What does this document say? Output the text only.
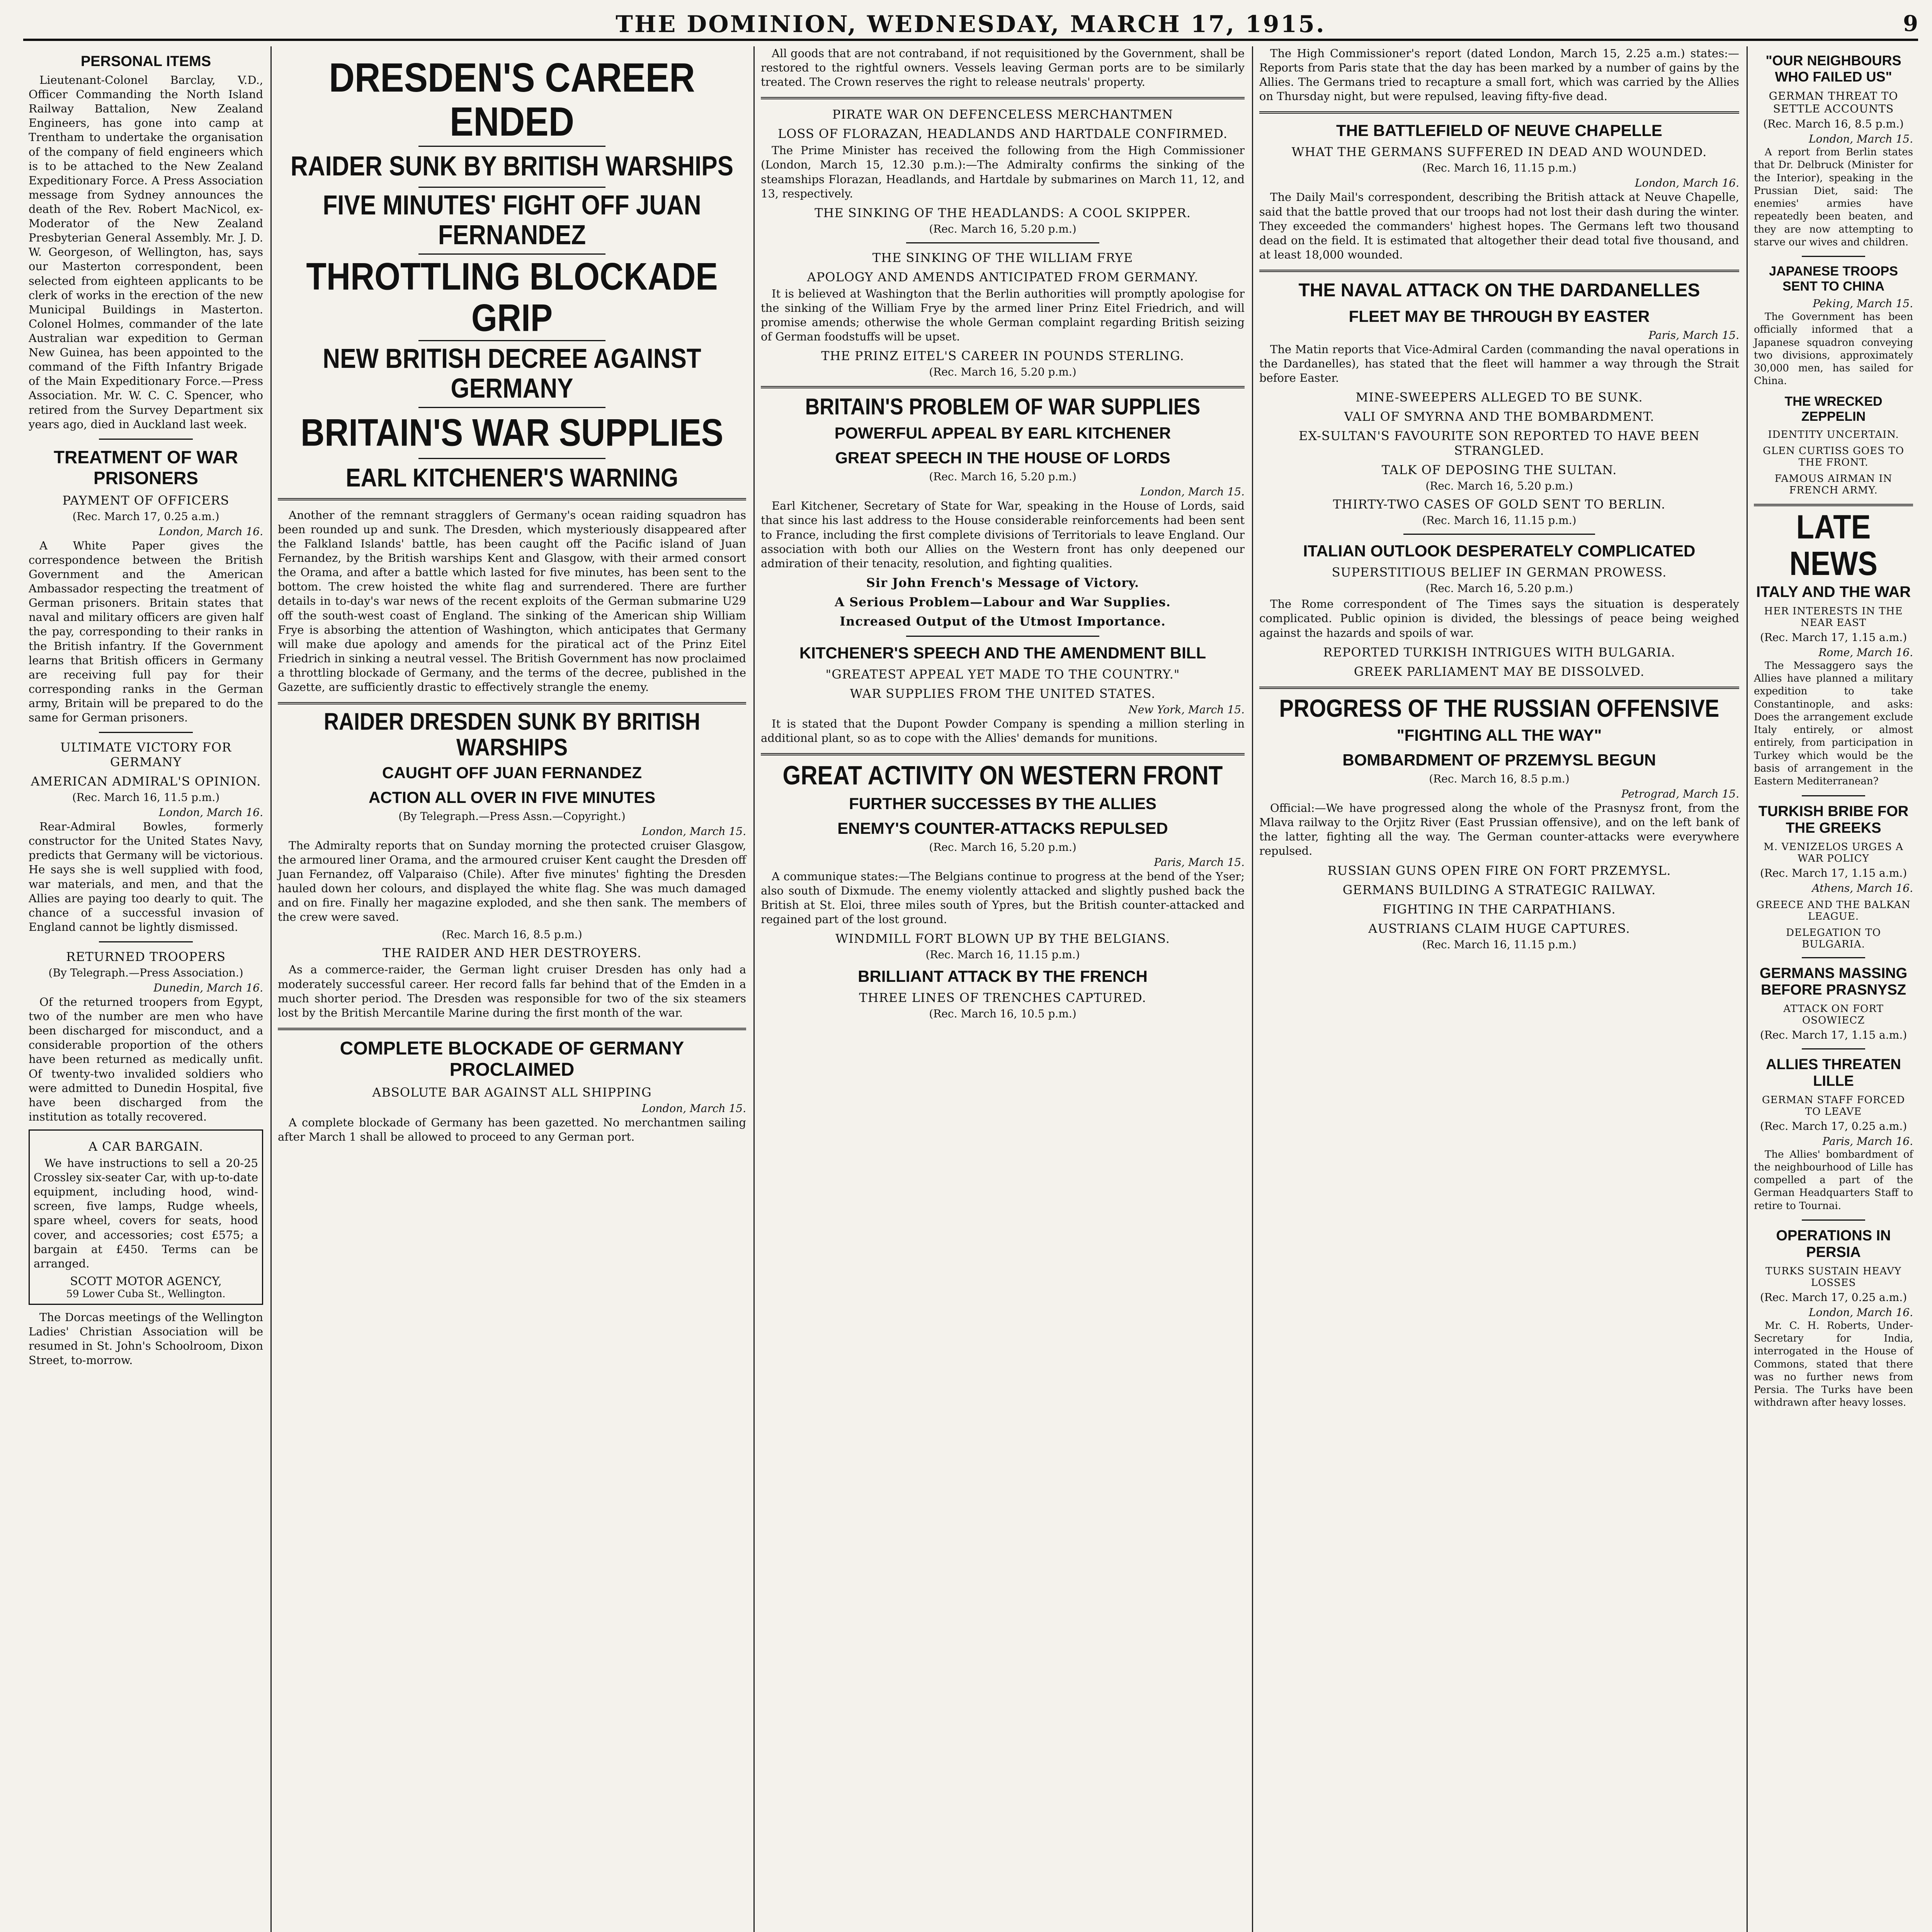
THE DOMINION, WEDNESDAY, MARCH 17, 1915.	9
PERSONAL ITEMS

Lieutenant-Colonel Barclay, V.D., Officer Commanding the North Island Railway Battalion, New Zealand Engineers, has gone into camp at Trentham to undertake the organisation of the company of field engineers which is to be attached to the New Zealand Expeditionary Force. A Press Association message from Sydney announces the death of the Rev. Robert MacNicol, ex-Moderator of the New Zealand Presbyterian General Assembly. Mr. J. D. W. Georgeson, of Wellington, has, says our Masterton correspondent, been selected from eighteen applicants to be clerk of works in the erection of the new Municipal Buildings in Masterton. Colonel Holmes, commander of the late Australian war expedition to German New Guinea, has been appointed to the command of the Fifth Infantry Brigade of the Main Expeditionary Force.—Press Association. Mr. W. C. C. Spencer, who retired from the Survey Department six years ago, died in Auckland last week.

TREATMENT OF WAR PRISONERS
PAYMENT OF OFFICERS
(Rec. March 17, 0.25 a.m.)
London, March 16.

A White Paper gives the correspondence between the British Government and the American Ambassador respecting the treatment of German prisoners. Britain states that naval and military officers are given half the pay, corresponding to their ranks in the British infantry. If the Government learns that British officers in Germany are receiving full pay for their corresponding ranks in the German army, Britain will be prepared to do the same for German prisoners.

ULTIMATE VICTORY FOR GERMANY
AMERICAN ADMIRAL'S OPINION.
(Rec. March 16, 11.5 p.m.)
London, March 16.

Rear-Admiral Bowles, formerly constructor for the United States Navy, predicts that Germany will be victorious. He says she is well supplied with food, war materials, and men, and that the Allies are paying too dearly to quit. The chance of a successful invasion of England cannot be lightly dismissed.

RETURNED TROOPERS
(By Telegraph.—Press Association.)
Dunedin, March 16.

Of the returned troopers from Egypt, two of the number are men who have been discharged for misconduct, and a considerable proportion of the others have been returned as medically unfit. Of twenty-two invalided soldiers who were admitted to Dunedin Hospital, five have been discharged from the institution as totally recovered.

A CAR BARGAIN.

We have instructions to sell a 20-25 Crossley six-seater Car, with up-to-date equipment, including hood, wind-screen, five lamps, Rudge wheels, spare wheel, covers for seats, hood cover, and accessories; cost £575; a bargain at £450. Terms can be arranged.

SCOTT MOTOR AGENCY,
59 Lower Cuba St., Wellington.

The Dorcas meetings of the Wellington Ladies' Christian Association will be resumed in St. John's Schoolroom, Dixon Street, to-morrow.

DRESDEN'S CAREER ENDED
RAIDER SUNK BY BRITISH WARSHIPS
FIVE MINUTES' FIGHT OFF JUAN FERNANDEZ
THROTTLING BLOCKADE GRIP
NEW BRITISH DECREE AGAINST GERMANY
BRITAIN'S WAR SUPPLIES
EARL KITCHENER'S WARNING

Another of the remnant stragglers of Germany's ocean raiding squadron has been rounded up and sunk. The Dresden, which mysteriously disappeared after the Falkland Islands' battle, has been caught off the Pacific island of Juan Fernandez, by the British warships Kent and Glasgow, with their armed consort the Orama, and after a battle which lasted for five minutes, has been sent to the bottom. The crew hoisted the white flag and surrendered. There are further details in to-day's war news of the recent exploits of the German submarine U29 off the south-west coast of England. The sinking of the American ship William Frye is absorbing the attention of Washington, which anticipates that Germany will make due apology and amends for the piratical act of the Prinz Eitel Friedrich in sinking a neutral vessel. The British Government has now proclaimed a throttling blockade of Germany, and the terms of the decree, published in the Gazette, are sufficiently drastic to effectively strangle the enemy.

RAIDER DRESDEN SUNK BY BRITISH WARSHIPS
CAUGHT OFF JUAN FERNANDEZ
ACTION ALL OVER IN FIVE MINUTES
(By Telegraph.—Press Assn.—Copyright.)
London, March 15.

The Admiralty reports that on Sunday morning the protected cruiser Glasgow, the armoured liner Orama, and the armoured cruiser Kent caught the Dresden off Juan Fernandez, off Valparaiso (Chile). After five minutes' fighting the Dresden hauled down her colours, and displayed the white flag. She was much damaged and on fire. Finally her magazine exploded, and she then sank. The members of the crew were saved.

(Rec. March 16, 8.5 p.m.)
THE RAIDER AND HER DESTROYERS.

As a commerce-raider, the German light cruiser Dresden has only had a moderately successful career. Her record falls far behind that of the Emden in a much shorter period. The Dresden was responsible for two of the six steamers lost by the British Mercantile Marine during the first month of the war.

COMPLETE BLOCKADE OF GERMANY PROCLAIMED
ABSOLUTE BAR AGAINST ALL SHIPPING
London, March 15.

A complete blockade of Germany has been gazetted. No merchantmen sailing after March 1 shall be allowed to proceed to any German port.

All goods that are not contraband, if not requisitioned by the Government, shall be restored to the rightful owners. Vessels leaving German ports are to be similarly treated. The Crown reserves the right to release neutrals' property.

PIRATE WAR ON DEFENCELESS MERCHANTMEN
LOSS OF FLORAZAN, HEADLANDS AND HARTDALE CONFIRMED.

The Prime Minister has received the following from the High Commissioner (London, March 15, 12.30 p.m.):—The Admiralty confirms the sinking of the steamships Florazan, Headlands, and Hartdale by submarines on March 11, 12, and 13, respectively.

THE SINKING OF THE HEADLANDS: A COOL SKIPPER.
(Rec. March 16, 5.20 p.m.)
THE SINKING OF THE WILLIAM FRYE
APOLOGY AND AMENDS ANTICIPATED FROM GERMANY.

It is believed at Washington that the Berlin authorities will promptly apologise for the sinking of the William Frye by the armed liner Prinz Eitel Friedrich, and will promise amends; otherwise the whole German complaint regarding British seizing of German foodstuffs will be upset.

THE PRINZ EITEL'S CAREER IN POUNDS STERLING.
(Rec. March 16, 5.20 p.m.)
BRITAIN'S PROBLEM OF WAR SUPPLIES
POWERFUL APPEAL BY EARL KITCHENER
GREAT SPEECH IN THE HOUSE OF LORDS
(Rec. March 16, 5.20 p.m.)
London, March 15.

Earl Kitchener, Secretary of State for War, speaking in the House of Lords, said that since his last address to the House considerable reinforcements had been sent to France, including the first complete divisions of Territorials to leave England. Our association with both our Allies on the Western front has only deepened our admiration of their tenacity, resolution, and fighting qualities.

Sir John French's Message of Victory.
A Serious Problem—Labour and War Supplies.
Increased Output of the Utmost Importance.
KITCHENER'S SPEECH AND THE AMENDMENT BILL
"GREATEST APPEAL YET MADE TO THE COUNTRY."
WAR SUPPLIES FROM THE UNITED STATES.
New York, March 15.

It is stated that the Dupont Powder Company is spending a million sterling in additional plant, so as to cope with the Allies' demands for munitions.

GREAT ACTIVITY ON WESTERN FRONT
FURTHER SUCCESSES BY THE ALLIES
ENEMY'S COUNTER-ATTACKS REPULSED
(Rec. March 16, 5.20 p.m.)
Paris, March 15.

A communique states:—The Belgians continue to progress at the bend of the Yser; also south of Dixmude. The enemy violently attacked and slightly pushed back the British at St. Eloi, three miles south of Ypres, but the British counter-attacked and regained part of the lost ground.

WINDMILL FORT BLOWN UP BY THE BELGIANS.
(Rec. March 16, 11.15 p.m.)
BRILLIANT ATTACK BY THE FRENCH
THREE LINES OF TRENCHES CAPTURED.
(Rec. March 16, 10.5 p.m.)

The High Commissioner's report (dated London, March 15, 2.25 a.m.) states:—Reports from Paris state that the day has been marked by a number of gains by the Allies. The Germans tried to recapture a small fort, which was carried by the Allies on Thursday night, but were repulsed, leaving fifty-five dead.

THE BATTLEFIELD OF NEUVE CHAPELLE
WHAT THE GERMANS SUFFERED IN DEAD AND WOUNDED.
(Rec. March 16, 11.15 p.m.)
London, March 16.

The Daily Mail's correspondent, describing the British attack at Neuve Chapelle, said that the battle proved that our troops had not lost their dash during the winter. They exceeded the commanders' highest hopes. The Germans left two thousand dead on the field. It is estimated that altogether their dead total five thousand, and at least 18,000 wounded.

THE NAVAL ATTACK ON THE DARDANELLES
FLEET MAY BE THROUGH BY EASTER
Paris, March 15.

The Matin reports that Vice-Admiral Carden (commanding the naval operations in the Dardanelles), has stated that the fleet will hammer a way through the Strait before Easter.

MINE-SWEEPERS ALLEGED TO BE SUNK.
VALI OF SMYRNA AND THE BOMBARDMENT.
EX-SULTAN'S FAVOURITE SON REPORTED TO HAVE BEEN STRANGLED.
TALK OF DEPOSING THE SULTAN.
(Rec. March 16, 5.20 p.m.)
THIRTY-TWO CASES OF GOLD SENT TO BERLIN.
(Rec. March 16, 11.15 p.m.)
ITALIAN OUTLOOK DESPERATELY COMPLICATED
SUPERSTITIOUS BELIEF IN GERMAN PROWESS.
(Rec. March 16, 5.20 p.m.)

The Rome correspondent of The Times says the situation is desperately complicated. Public opinion is divided, the blessings of peace being weighed against the hazards and spoils of war.

REPORTED TURKISH INTRIGUES WITH BULGARIA.
GREEK PARLIAMENT MAY BE DISSOLVED.
PROGRESS OF THE RUSSIAN OFFENSIVE
"FIGHTING ALL THE WAY"
BOMBARDMENT OF PRZEMYSL BEGUN
(Rec. March 16, 8.5 p.m.)
Petrograd, March 15.

Official:—We have progressed along the whole of the Prasnysz front, from the Mlava railway to the Orjitz River (East Prussian offensive), and on the left bank of the latter, fighting all the way. The German counter-attacks were everywhere repulsed.

RUSSIAN GUNS OPEN FIRE ON FORT PRZEMYSL.
GERMANS BUILDING A STRATEGIC RAILWAY.
FIGHTING IN THE CARPATHIANS.
AUSTRIANS CLAIM HUGE CAPTURES.
(Rec. March 16, 11.15 p.m.)
"OUR NEIGHBOURS WHO FAILED US"
GERMAN THREAT TO SETTLE ACCOUNTS
(Rec. March 16, 8.5 p.m.)
London, March 15.

A report from Berlin states that Dr. Delbruck (Minister for the Interior), speaking in the Prussian Diet, said: The enemies' armies have repeatedly been beaten, and they are now attempting to starve our wives and children.

JAPANESE TROOPS SENT TO CHINA
Peking, March 15.

The Government has been officially informed that a Japanese squadron conveying two divisions, approximately 30,000 men, has sailed for China.

THE WRECKED ZEPPELIN
IDENTITY UNCERTAIN.
GLEN CURTISS GOES TO THE FRONT.
FAMOUS AIRMAN IN FRENCH ARMY.
LATE NEWS
ITALY AND THE WAR
HER INTERESTS IN THE NEAR EAST
(Rec. March 17, 1.15 a.m.)
Rome, March 16.

The Messaggero says the Allies have planned a military expedition to take Constantinople, and asks: Does the arrangement exclude Italy entirely, or almost entirely, from participation in Turkey which would be the basis of arrangement in the Eastern Mediterranean?

TURKISH BRIBE FOR THE GREEKS
M. VENIZELOS URGES A WAR POLICY
(Rec. March 17, 1.15 a.m.)
Athens, March 16.
GREECE AND THE BALKAN LEAGUE.
DELEGATION TO BULGARIA.
GERMANS MASSING BEFORE PRASNYSZ
ATTACK ON FORT OSOWIECZ
(Rec. March 17, 1.15 a.m.)
ALLIES THREATEN LILLE
GERMAN STAFF FORCED TO LEAVE
(Rec. March 17, 0.25 a.m.)
Paris, March 16.

The Allies' bombardment of the neighbourhood of Lille has compelled a part of the German Headquarters Staff to retire to Tournai.

OPERATIONS IN PERSIA
TURKS SUSTAIN HEAVY LOSSES
(Rec. March 17, 0.25 a.m.)
London, March 16.

Mr. C. H. Roberts, Under-Secretary for India, interrogated in the House of Commons, stated that there was no further news from Persia. The Turks have been withdrawn after heavy losses.
